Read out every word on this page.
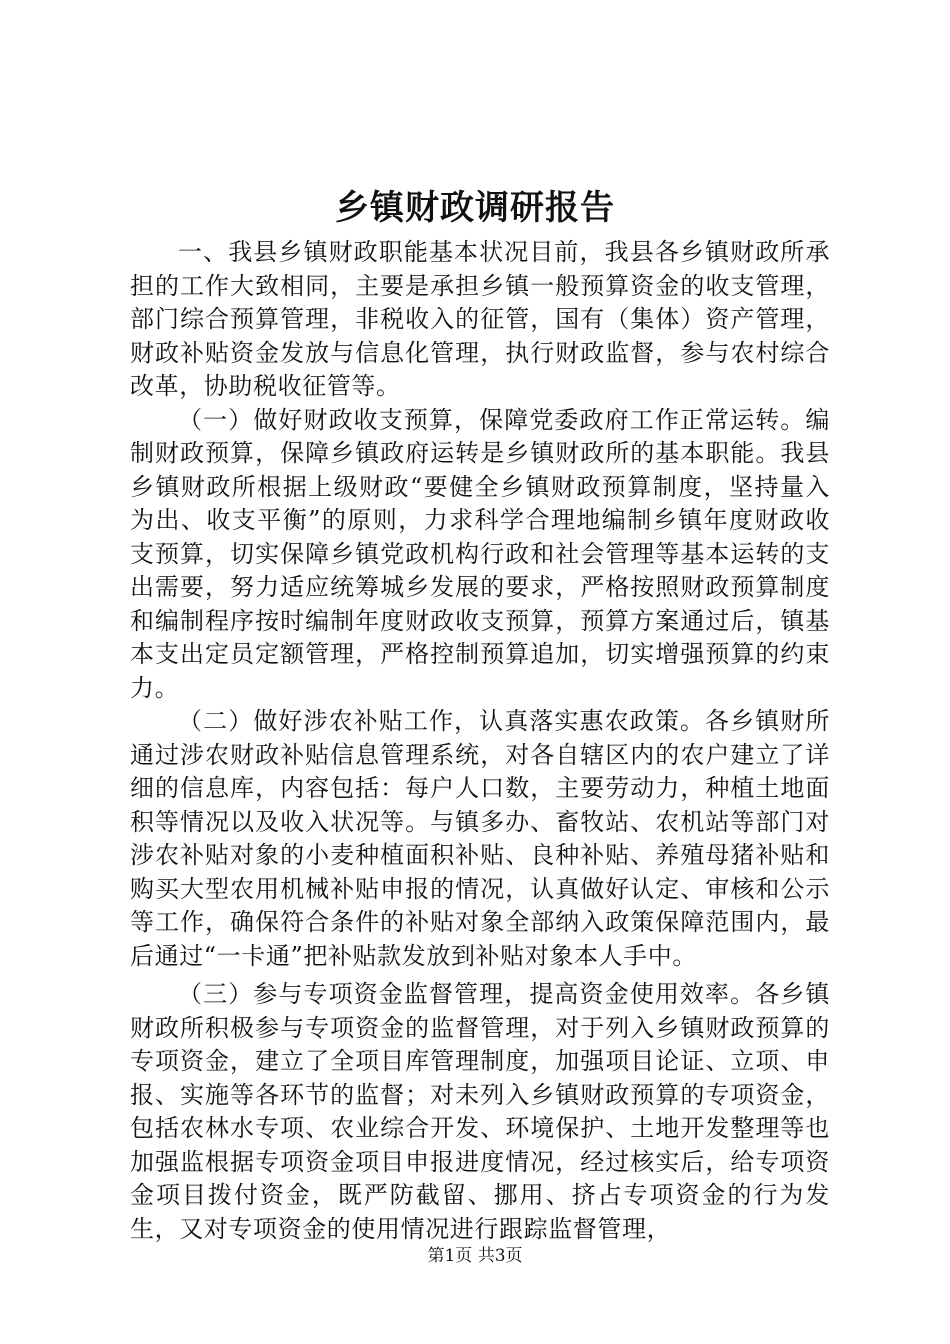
乡镇财政调研报告

一、我县乡镇财政职能基本状况目前，我县各乡镇财政所承担的工作大致相同，主要是承担乡镇一般预算资金的收支管理，部门综合预算管理，非税收入的征管，国有（集体）资产管理，财政补贴资金发放与信息化管理，执行财政监督，参与农村综合改革，协助税收征管等。

（一）做好财政收支预算，保障党委政府工作正常运转。编制财政预算，保障乡镇政府运转是乡镇财政所的基本职能。我县乡镇财政所根据上级财政“要健全乡镇财政预算制度，坚持量入为出、收支平衡”的原则，力求科学合理地编制乡镇年度财政收支预算，切实保障乡镇党政机构行政和社会管理等基本运转的支出需要，努力适应统筹城乡发展的要求，严格按照财政预算制度和编制程序按时编制年度财政收支预算，预算方案通过后，镇基本支出定员定额管理，严格控制预算追加，切实增强预算的约束力。

（二）做好涉农补贴工作，认真落实惠农政策。各乡镇财所通过涉农财政补贴信息管理系统，对各自辖区内的农户建立了详细的信息库，内容包括：每户人口数，主要劳动力，种植土地面积等情况以及收入状况等。与镇多办、畜牧站、农机站等部门对涉农补贴对象的小麦种植面积补贴、良种补贴、养殖母猪补贴和购买大型农用机械补贴申报的情况，认真做好认定、审核和公示等工作，确保符合条件的补贴对象全部纳入政策保障范围内，最后通过“一卡通”把补贴款发放到补贴对象本人手中。

（三）参与专项资金监督管理，提高资金使用效率。各乡镇财政所积极参与专项资金的监督管理，对于列入乡镇财政预算的专项资金，建立了全项目库管理制度，加强项目论证、立项、申报、实施等各环节的监督；对未列入乡镇财政预算的专项资金，包括农林水专项、农业综合开发、环境保护、土地开发整理等也加强监根据专项资金项目申报进度情况，经过核实后，给专项资金项目拨付资金，既严防截留、挪用、挤占专项资金的行为发生，又对专项资金的使用情况进行跟踪监督管理，

第1页 共3页
